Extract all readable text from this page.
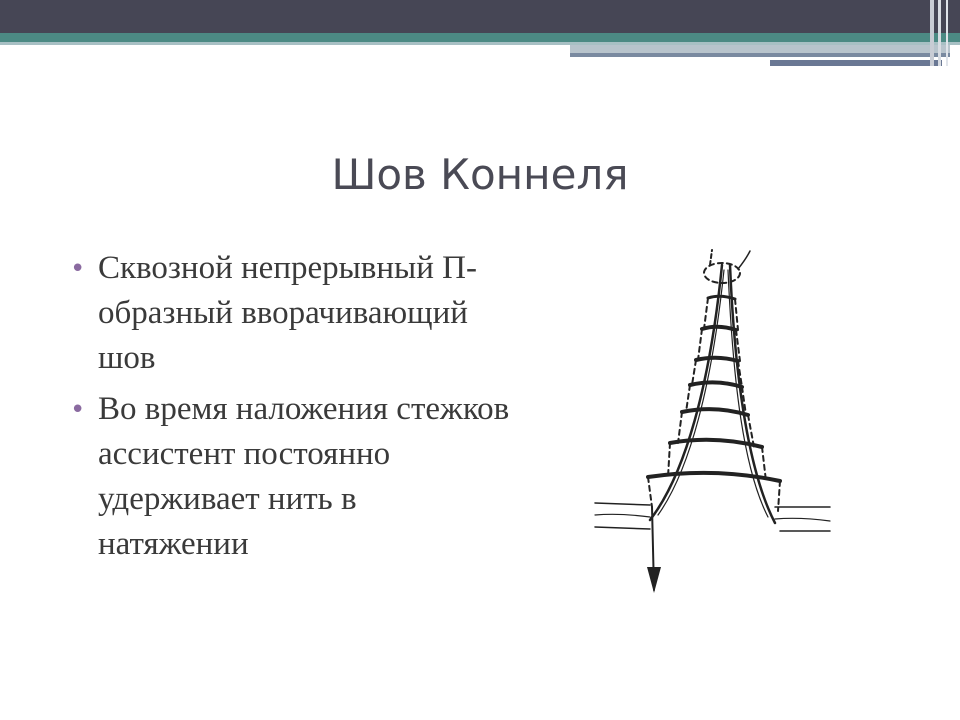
Шов Коннеля
• Сквозной непрерывный П-образный вворачивающий шов
• Во время наложения стежков ассистент постоянно удерживает нить в натяжении
